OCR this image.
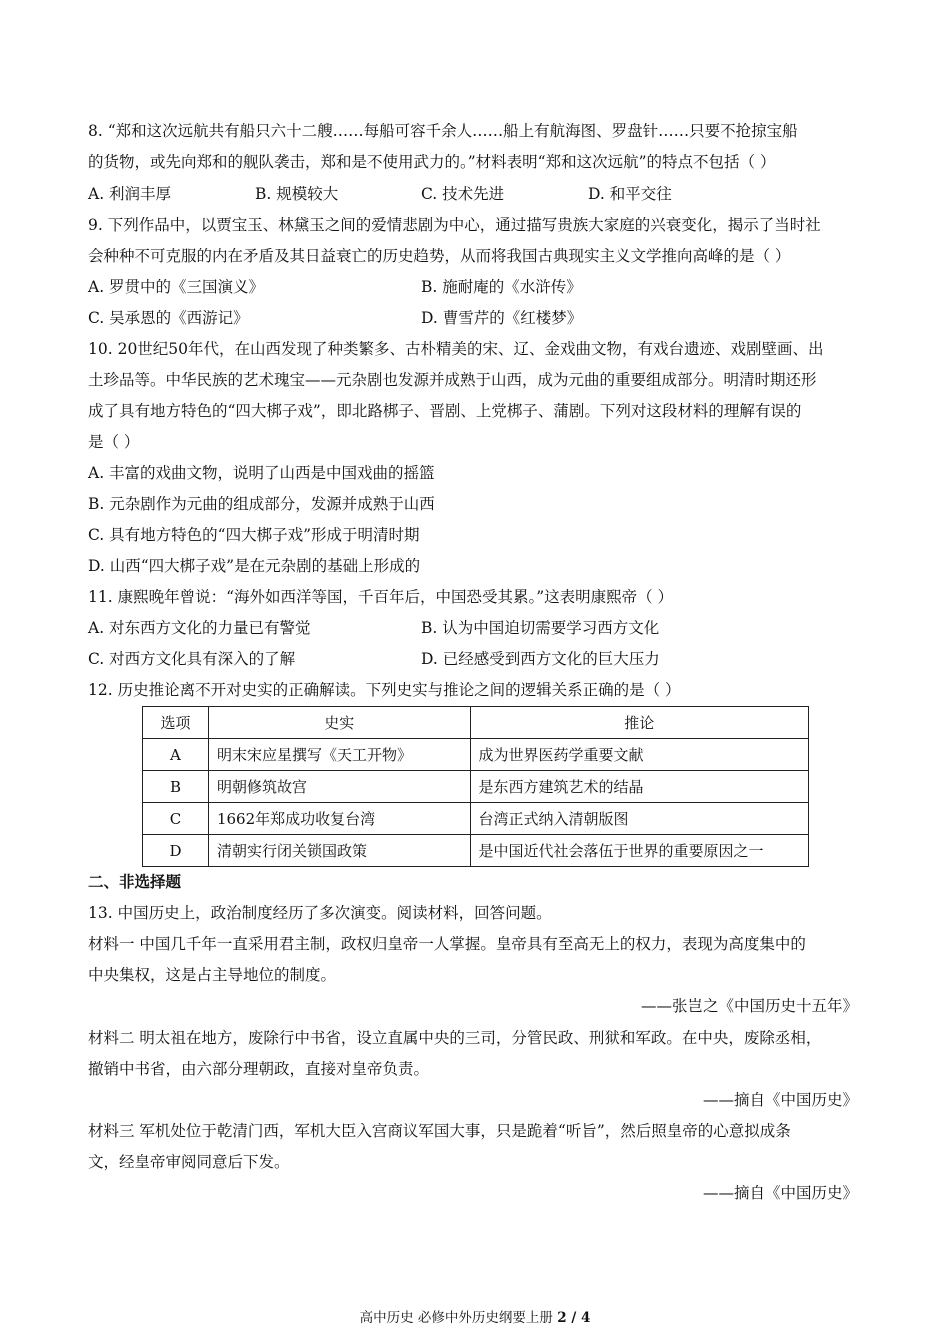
8. “郑和这次远航共有船只六十二艘……每船可容千余人……船上有航海图、罗盘针……只要不抢掠宝船
的货物，或先向郑和的舰队袭击，郑和是不使用武力的。”材料表明“郑和这次远航”的特点不包括（ ）
A. 利润丰厚	B. 规模较大	C. 技术先进	D. 和平交往
9. 下列作品中，以贾宝玉、林黛玉之间的爱情悲剧为中心，通过描写贵族大家庭的兴衰变化，揭示了当时社
会种种不可克服的内在矛盾及其日益衰亡的历史趋势，从而将我国古典现实主义文学推向高峰的是（ ）
A. 罗贯中的《三国演义》	B. 施耐庵的《水浒传》
C. 吴承恩的《西游记》	D. 曹雪芹的《红楼梦》
10. 20世纪50年代，在山西发现了种类繁多、古朴精美的宋、辽、金戏曲文物，有戏台遗迹、戏剧壁画、出
土珍品等。中华民族的艺术瑰宝——元杂剧也发源并成熟于山西，成为元曲的重要组成部分。明清时期还形
成了具有地方特色的“四大梆子戏”，即北路梆子、晋剧、上党梆子、蒲剧。下列对这段材料的理解有误的
是（ ）
A. 丰富的戏曲文物，说明了山西是中国戏曲的摇篮
B. 元杂剧作为元曲的组成部分，发源并成熟于山西
C. 具有地方特色的“四大梆子戏”形成于明清时期
D. 山西“四大梆子戏”是在元杂剧的基础上形成的
11. 康熙晚年曾说：“海外如西洋等国，千百年后，中国恐受其累。”这表明康熙帝（ ）
A. 对东西方文化的力量已有警觉	B. 认为中国迫切需要学习西方文化
C. 对西方文化具有深入的了解	D. 已经感受到西方文化的巨大压力
12. 历史推论离不开对史实的正确解读。下列史实与推论之间的逻辑关系正确的是（ ）
选项	史实	推论
A	明末宋应星撰写《天工开物》	成为世界医药学重要文献
B	明朝修筑故宫	是东西方建筑艺术的结晶
C	1662年郑成功收复台湾	台湾正式纳入清朝版图
D	清朝实行闭关锁国政策	是中国近代社会落伍于世界的重要原因之一
二、非选择题
13. 中国历史上，政治制度经历了多次演变。阅读材料，回答问题。
材料一 中国几千年一直采用君主制，政权归皇帝一人掌握。皇帝具有至高无上的权力，表现为高度集中的
中央集权，这是占主导地位的制度。
——张岂之《中国历史十五年》
材料二 明太祖在地方，废除行中书省，设立直属中央的三司，分管民政、刑狱和军政。在中央，废除丞相，
撤销中书省，由六部分理朝政，直接对皇帝负责。
——摘自《中国历史》
材料三 军机处位于乾清门西，军机大臣入宫商议军国大事，只是跪着“听旨”，然后照皇帝的心意拟成条
文，经皇帝审阅同意后下发。
——摘自《中国历史》
高中历史 必修中外历史纲要上册 2 / 4
